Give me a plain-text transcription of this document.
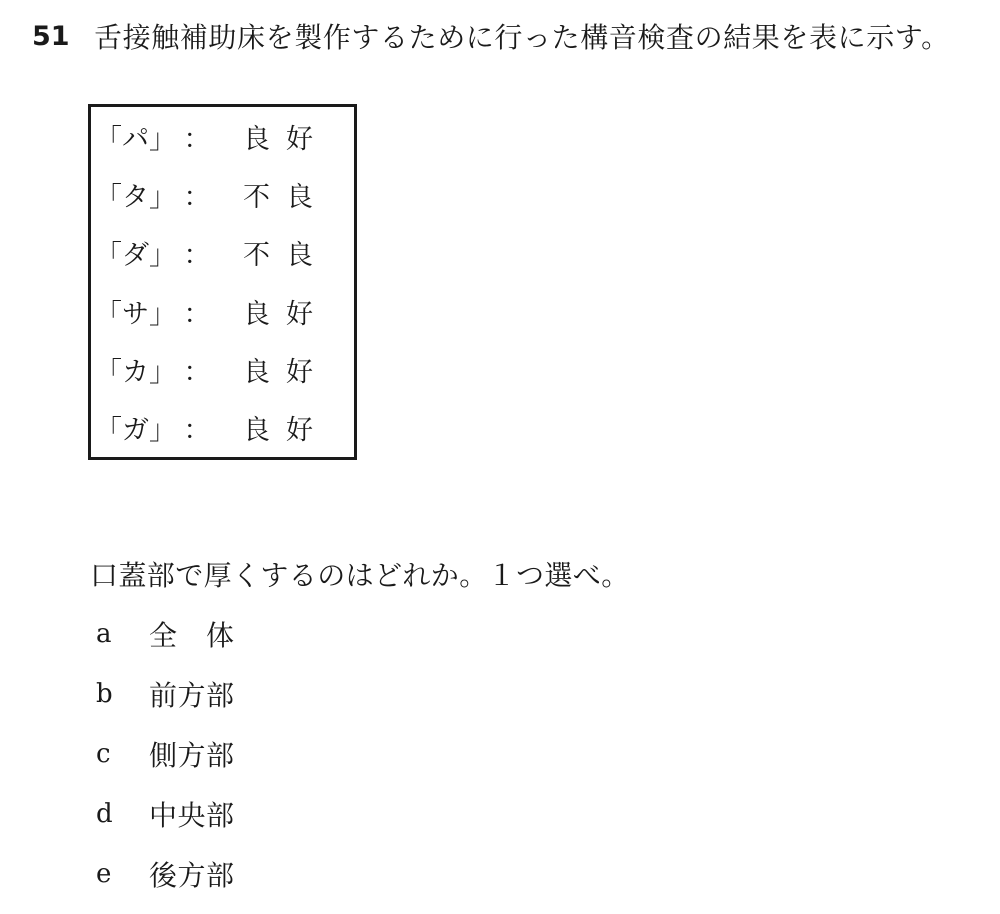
51 舌接触補助床を製作するために行った構音検査の結果を表に示す。
「パ」	：	良好
「タ」	：	不良
「ダ」	：	不良
「サ」	：	良好
「カ」	：	良好
「ガ」	：	良好
口蓋部で厚くするのはどれか。１つ選べ。
a	全　体
b	前方部
c	側方部
d	中央部
e	後方部
